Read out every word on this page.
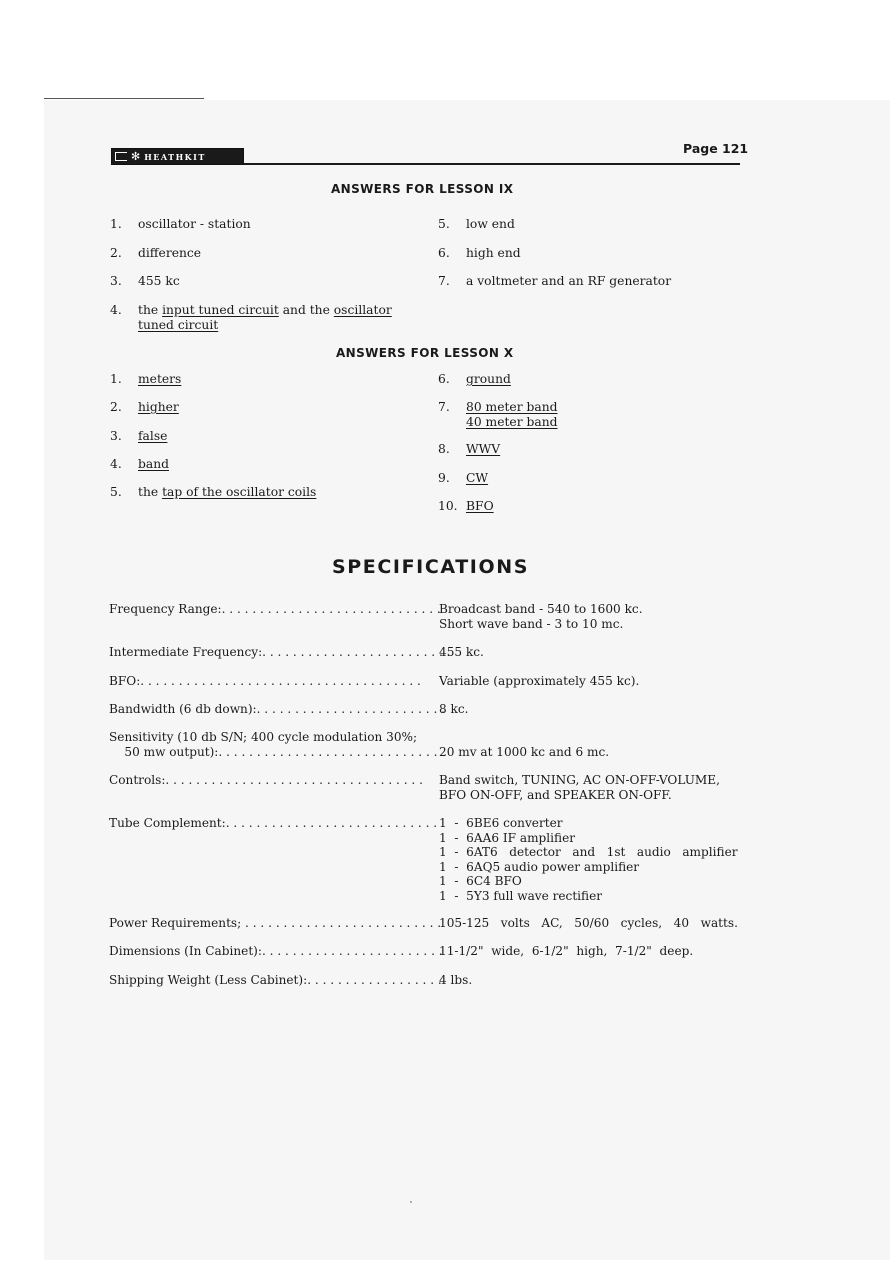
✻ HEATHKIT
Page 121
ANSWERS FOR LESSON IX
1. oscillator - station
2. difference
3. 455 kc
4. the input tuned circuit and the oscillator
tuned circuit
5. low end
6. high end
7. a voltmeter and an RF generator
ANSWERS FOR LESSON X
1. meters
2. higher
3. false
4. band
5. the tap of the oscillator coils
6. ground
7. 80 meter band
40 meter band
8. WWV
9. CW
10. BFO
SPECIFICATIONS
Frequency Range:. . . . . . . . . . . . . . . . . . . . . . . . . . . . .
Broadcast band - 540 to 1600 kc.
Short wave band - 3 to 10 mc.
Intermediate Frequency:. . . . . . . . . . . . . . . . . . . . . . . . .
455 kc.
BFO:. . . . . . . . . . . . . . . . . . . . . . . . . . . . . . . . . . . . . Variable (approximately 455 kc).
Bandwidth (6 db down):. . . . . . . . . . . . . . . . . . . . . . . . .
8 kc.
Sensitivity (10 db S/N; 400 cycle modulation 30%;
50 mw output):. . . . . . . . . . . . . . . . . . . . . . . . . . . . . 20 mv at 1000 kc and 6 mc.
Controls:. . . . . . . . . . . . . . . . . . . . . . . . . . . . . . . . . . Band switch, TUNING, AC ON-OFF-VOLUME,
BFO ON-OFF, and SPEAKER ON-OFF.
Tube Complement:. . . . . . . . . . . . . . . . . . . . . . . . . . . . 1  -  6BE6 converter
1  -  6AA6 IF amplifier
1  -  6AT6   detector   and   1st   audio   amplifier
1  -  6AQ5 audio power amplifier
1  -  6C4 BFO
1  -  5Y3 full wave rectifier
Power Requirements; . . . . . . . . . . . . . . . . . . . . . . . . . .
105-125   volts   AC,   50/60   cycles,   40   watts.
Dimensions (In Cabinet):. . . . . . . . . . . . . . . . . . . . . . . .
11-1/2"  wide,  6-1/2"  high,  7-1/2"  deep.
Shipping Weight (Less Cabinet):. . . . . . . . . . . . . . . . . .
4 lbs.
